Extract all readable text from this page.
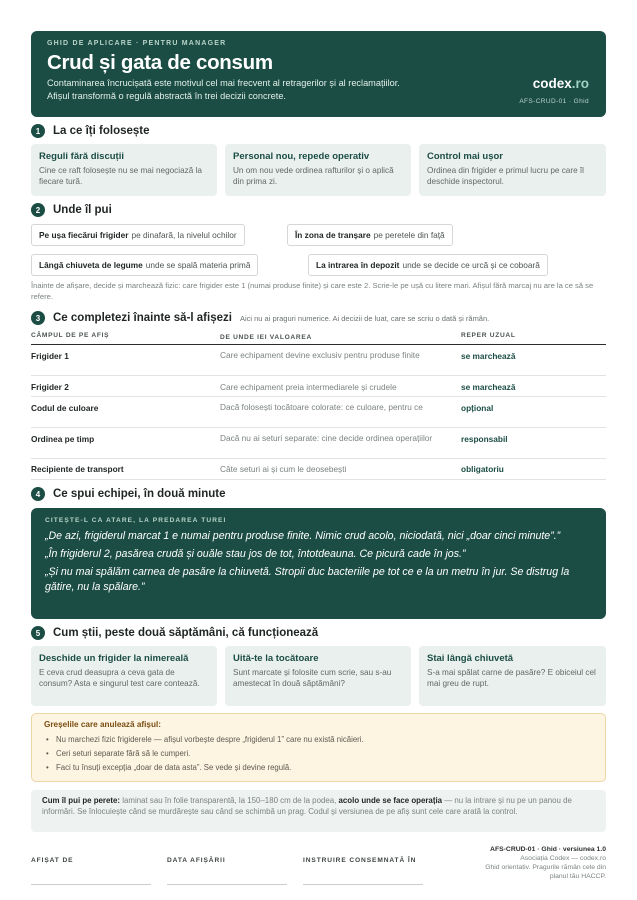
GHID DE APLICARE · PENTRU MANAGER
Crud și gata de consum
Contaminarea încrucișată este motivul cel mai frecvent al retragerilor și al reclamațiilor. Afișul transformă o regulă abstractă în trei decizii concrete.
codex.ro
AFS-CRUD-01 · Ghid
1	La ce îți folosește
Reguli fără discuții
Cine ce raft folosește nu se mai negociază la fiecare tură.
Personal nou, repede operativ
Un om nou vede ordinea rafturilor și o aplică din prima zi.
Control mai ușor
Ordinea din frigider e primul lucru pe care îl deschide inspectorul.
2	Unde îl pui
Pe ușa fiecărui frigider pe dinafară, la nivelul ochilor	În zona de tranșare pe peretele din față
Lângă chiuveta de legume unde se spală materia primă	La intrarea în depozit unde se decide ce urcă și ce coboară
Înainte de afișare, decide și marchează fizic: care frigider este 1 (numai produse finite) și care este 2. Scrie-le pe ușă cu litere mari. Afișul fără marcaj nu are la ce să se refere.
3	Ce completezi înainte să-l afișezi Aici nu ai praguri numerice. Ai decizii de luat, care se scriu o dată și rămân.
CÂMPUL DE PE AFIȘ	DE UNDE IEI VALOAREA	REPER UZUAL
Frigider 1	Care echipament devine exclusiv pentru produse finite	se marchează
Frigider 2	Care echipament preia intermediarele și crudele	se marchează
Codul de culoare	Dacă folosești tocătoare colorate: ce culoare, pentru ce	opțional
Ordinea pe timp	Dacă nu ai seturi separate: cine decide ordinea operațiilor	responsabil
Recipiente de transport	Câte seturi ai și cum le deosebești	obligatoriu
4	Ce spui echipei, în două minute
CITEȘTE-L CA ATARE, LA PREDAREA TUREI
„De azi, frigiderul marcat 1 e numai pentru produse finite. Nimic crud acolo, niciodată, nici „doar cinci minute”.”
„În frigiderul 2, pasărea crudă și ouăle stau jos de tot, întotdeauna. Ce picură cade în jos.”
„Și nu mai spălăm carnea de pasăre la chiuvetă. Stropii duc bacteriile pe tot ce e la un metru în jur. Se distrug la gătire, nu la spălare.”
5	Cum știi, peste două săptămâni, că funcționează
Deschide un frigider la nimereală
E ceva crud deasupra a ceva gata de consum? Asta e singurul test care contează.
Uită-te la tocătoare
Sunt marcate și folosite cum scrie, sau s-au amestecat în două săptămâni?
Stai lângă chiuvetă
S-a mai spălat carne de pasăre? E obiceiul cel mai greu de rupt.
Greșelile care anulează afișul:
• Nu marchezi fizic frigiderele — afișul vorbește despre „frigiderul 1” care nu există nicăieri.
• Ceri seturi separate fără să le cumperi.
• Faci tu însuți excepția „doar de data asta”. Se vede și devine regulă.
Cum îl pui pe perete: laminat sau în folie transparentă, la 150–180 cm de la podea, acolo unde se face operația — nu la intrare și nu pe un panou de informări. Se înlocuiește când se murdărește sau când se schimbă un prag. Codul și versiunea de pe afiș sunt cele care arată la control.
AFIȘAT DE	DATA AFIȘĂRII	INSTRUIRE CONSEMNATĂ ÎN
AFS-CRUD-01 · Ghid · versiunea 1.0
Asociația Codex — codex.ro
Ghid orientativ. Pragurile rămân cele din planul tău HACCP.
